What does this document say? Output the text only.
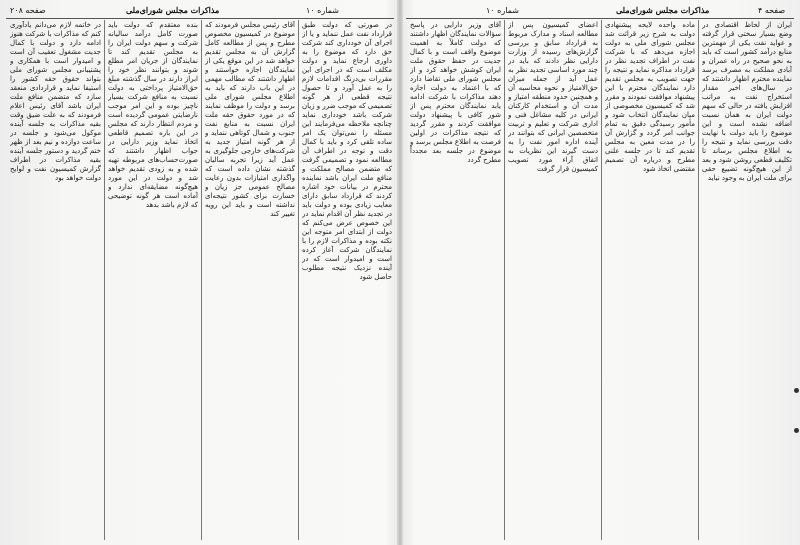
صفحه ۲۰۸	مذاکرات مجلس شورای‌ملی	شماره ۱۰

در صورتی که دولت طبق قرارداد نفت عمل ننماید و یا از اجرای آن خودداری کند شرکت حق دارد که موضوع را به داوری ارجاع نماید و دولت مکلف است که در اجرای این مقررات بی‌درنگ اقدامات لازم را به عمل آورد و تا حصول نتیجه قطعی از هر گونه تصمیمی که موجب ضرر و زیان شرکت باشد خودداری نماید چنانچه ملاحظه می‌فرمایند این مسئله را نمی‌توان یک امر ساده تلقی کرد و باید با کمال دقت و توجه در اطراف آن مطالعه نمود و تصمیمی گرفت که متضمن مصالح مملکت و منافع ملت ایران باشد نماینده محترم در بیانات خود اشاره کردند که قرارداد سابق دارای معایب زیادی بوده و دولت باید در تجدید نظر آن اقدام نماید در این خصوص عرض می‌کنم که دولت از ابتدای امر متوجه این نکته بوده و مذاکرات لازم را با نمایندگان شرکت آغاز کرده است و امیدوار است که در آینده نزدیک نتیجه مطلوب حاصل شود

آقای رئیس مجلس فرمودند که موضوع در کمیسیون مخصوص مطرح و پس از مطالعه کامل گزارش آن به مجلس تقدیم خواهد شد در این موقع یکی از نمایندگان اجازه خواستند و اظهار داشتند که مطالب مهمی در این باب دارند که باید به اطلاع مجلس شورای ملی برسد و دولت را موظف نمایند که در مورد حقوق حقه ملت ایران نسبت به منابع نفت جنوب و شمال کوتاهی ننماید و از هر گونه امتیاز جدید به شرکت‌های خارجی جلوگیری به عمل آید زیرا تجربه سالیان گذشته نشان داده است که واگذاری امتیازات بدون رعایت مصالح عمومی جز زیان و خسارت برای کشور نتیجه‌ای نداشته است و باید این رویه تغییر کند

بنده معتقدم که دولت باید صورت کامل درآمد سالیانه شرکت و سهم دولت ایران را به مجلس تقدیم کند تا نمایندگان از جریان امر مطلع شوند و بتوانند نظر خود را ابراز دارند در سال گذشته مبلغ حق‌الامتیاز پرداختی به دولت نسبت به منافع شرکت بسیار ناچیز بوده و این امر موجب نارضایتی عمومی گردیده است و مردم انتظار دارند که مجلس در این باره تصمیم قاطعی اتخاذ نماید وزیر دارایی در جواب اظهار داشتند که صورت‌حساب‌های مربوطه تهیه شده و به زودی تقدیم خواهد شد و دولت در این مورد هیچ‌گونه مضایقه‌ای ندارد و آماده است هر گونه توضیحی که لازم باشد بدهد

در خاتمه لازم می‌دانم یادآوری کنم که مذاکرات با شرکت هنوز ادامه دارد و دولت با کمال جدیت مشغول تعقیب آن است و امیدوار است با همکاری و پشتیبانی مجلس شورای ملی بتواند حقوق حقه کشور را استیفا نماید و قراردادی منعقد سازد که متضمن منافع ملت ایران باشد آقای رئیس اعلام فرمودند که به علت ضیق وقت بقیه مذاکرات به جلسه آینده موکول می‌شود و جلسه در ساعت دوازده و نیم بعد از ظهر ختم گردید و دستور جلسه آینده بقیه مذاکرات در اطراف گزارش کمیسیون نفت و لوایح دولت خواهد بود

صفحه ۴
مذاکرات مجلس شورای‌ملی
شماره ۱۰

ایران از لحاظ اقتصادی در وضع بسیار سختی قرار گرفته و عواید نفت یکی از مهمترین منابع درآمد کشور است که باید به نحو صحیح در راه عمران و آبادی مملکت به مصرف برسد نماینده محترم اظهار داشتند که در سال‌های اخیر مقدار استخراج نفت به مراتب افزایش یافته در حالی که سهم دولت ایران به همان نسبت اضافه نشده است و این موضوع را باید دولت با نهایت دقت بررسی نماید و نتیجه را به اطلاع مجلس برساند تا تکلیف قطعی روشن شود و بعد از این هیچ‌گونه تضییع حقی برای ملت ایران به وجود نیاید

ماده واحده لایحه پیشنهادی دولت به شرح زیر قرائت شد مجلس شورای ملی به دولت اجازه می‌دهد که با شرکت نفت در اطراف تجدید نظر در قرارداد مذاکره نماید و نتیجه را جهت تصویب به مجلس تقدیم دارد نمایندگان محترم با این پیشنهاد موافقت نمودند و مقرر شد که کمیسیون مخصوصی از میان نمایندگان انتخاب شود و مأمور رسیدگی دقیق به تمام جوانب امر گردد و گزارش آن را در مدت معین به مجلس تقدیم کند تا در جلسه علنی مطرح و درباره آن تصمیم مقتضی اتخاذ شود

اعضای کمیسیون پس از مطالعه اسناد و مدارک مربوط به قرارداد سابق و بررسی گزارش‌های رسیده از وزارت دارایی نظر دادند که باید در چند مورد اساسی تجدید نظر به عمل آید از جمله میزان حق‌الامتیاز و نحوه محاسبه آن و همچنین حدود منطقه امتیاز و مدت آن و استخدام کارکنان ایرانی در کلیه مشاغل فنی و اداری شرکت و تعلیم و تربیت متخصصین ایرانی که بتوانند در آینده اداره امور نفت را به دست گیرند این نظریات به اتفاق آراء مورد تصویب کمیسیون قرار گرفت

آقای وزیر دارایی در پاسخ سؤالات نمایندگان اظهار داشتند که دولت کاملاً به اهمیت موضوع واقف است و با کمال جدیت در حفظ حقوق ملت ایران کوشش خواهد کرد و از مجلس شورای ملی تقاضا دارد که با اعتماد به دولت اجازه دهند مذاکرات با شرکت ادامه یابد نمایندگان محترم پس از شور کافی با پیشنهاد دولت موافقت کردند و مقرر گردید که نتیجه مذاکرات در اولین فرصت به اطلاع مجلس برسد و موضوع در جلسه بعد مجدداً مطرح گردد
